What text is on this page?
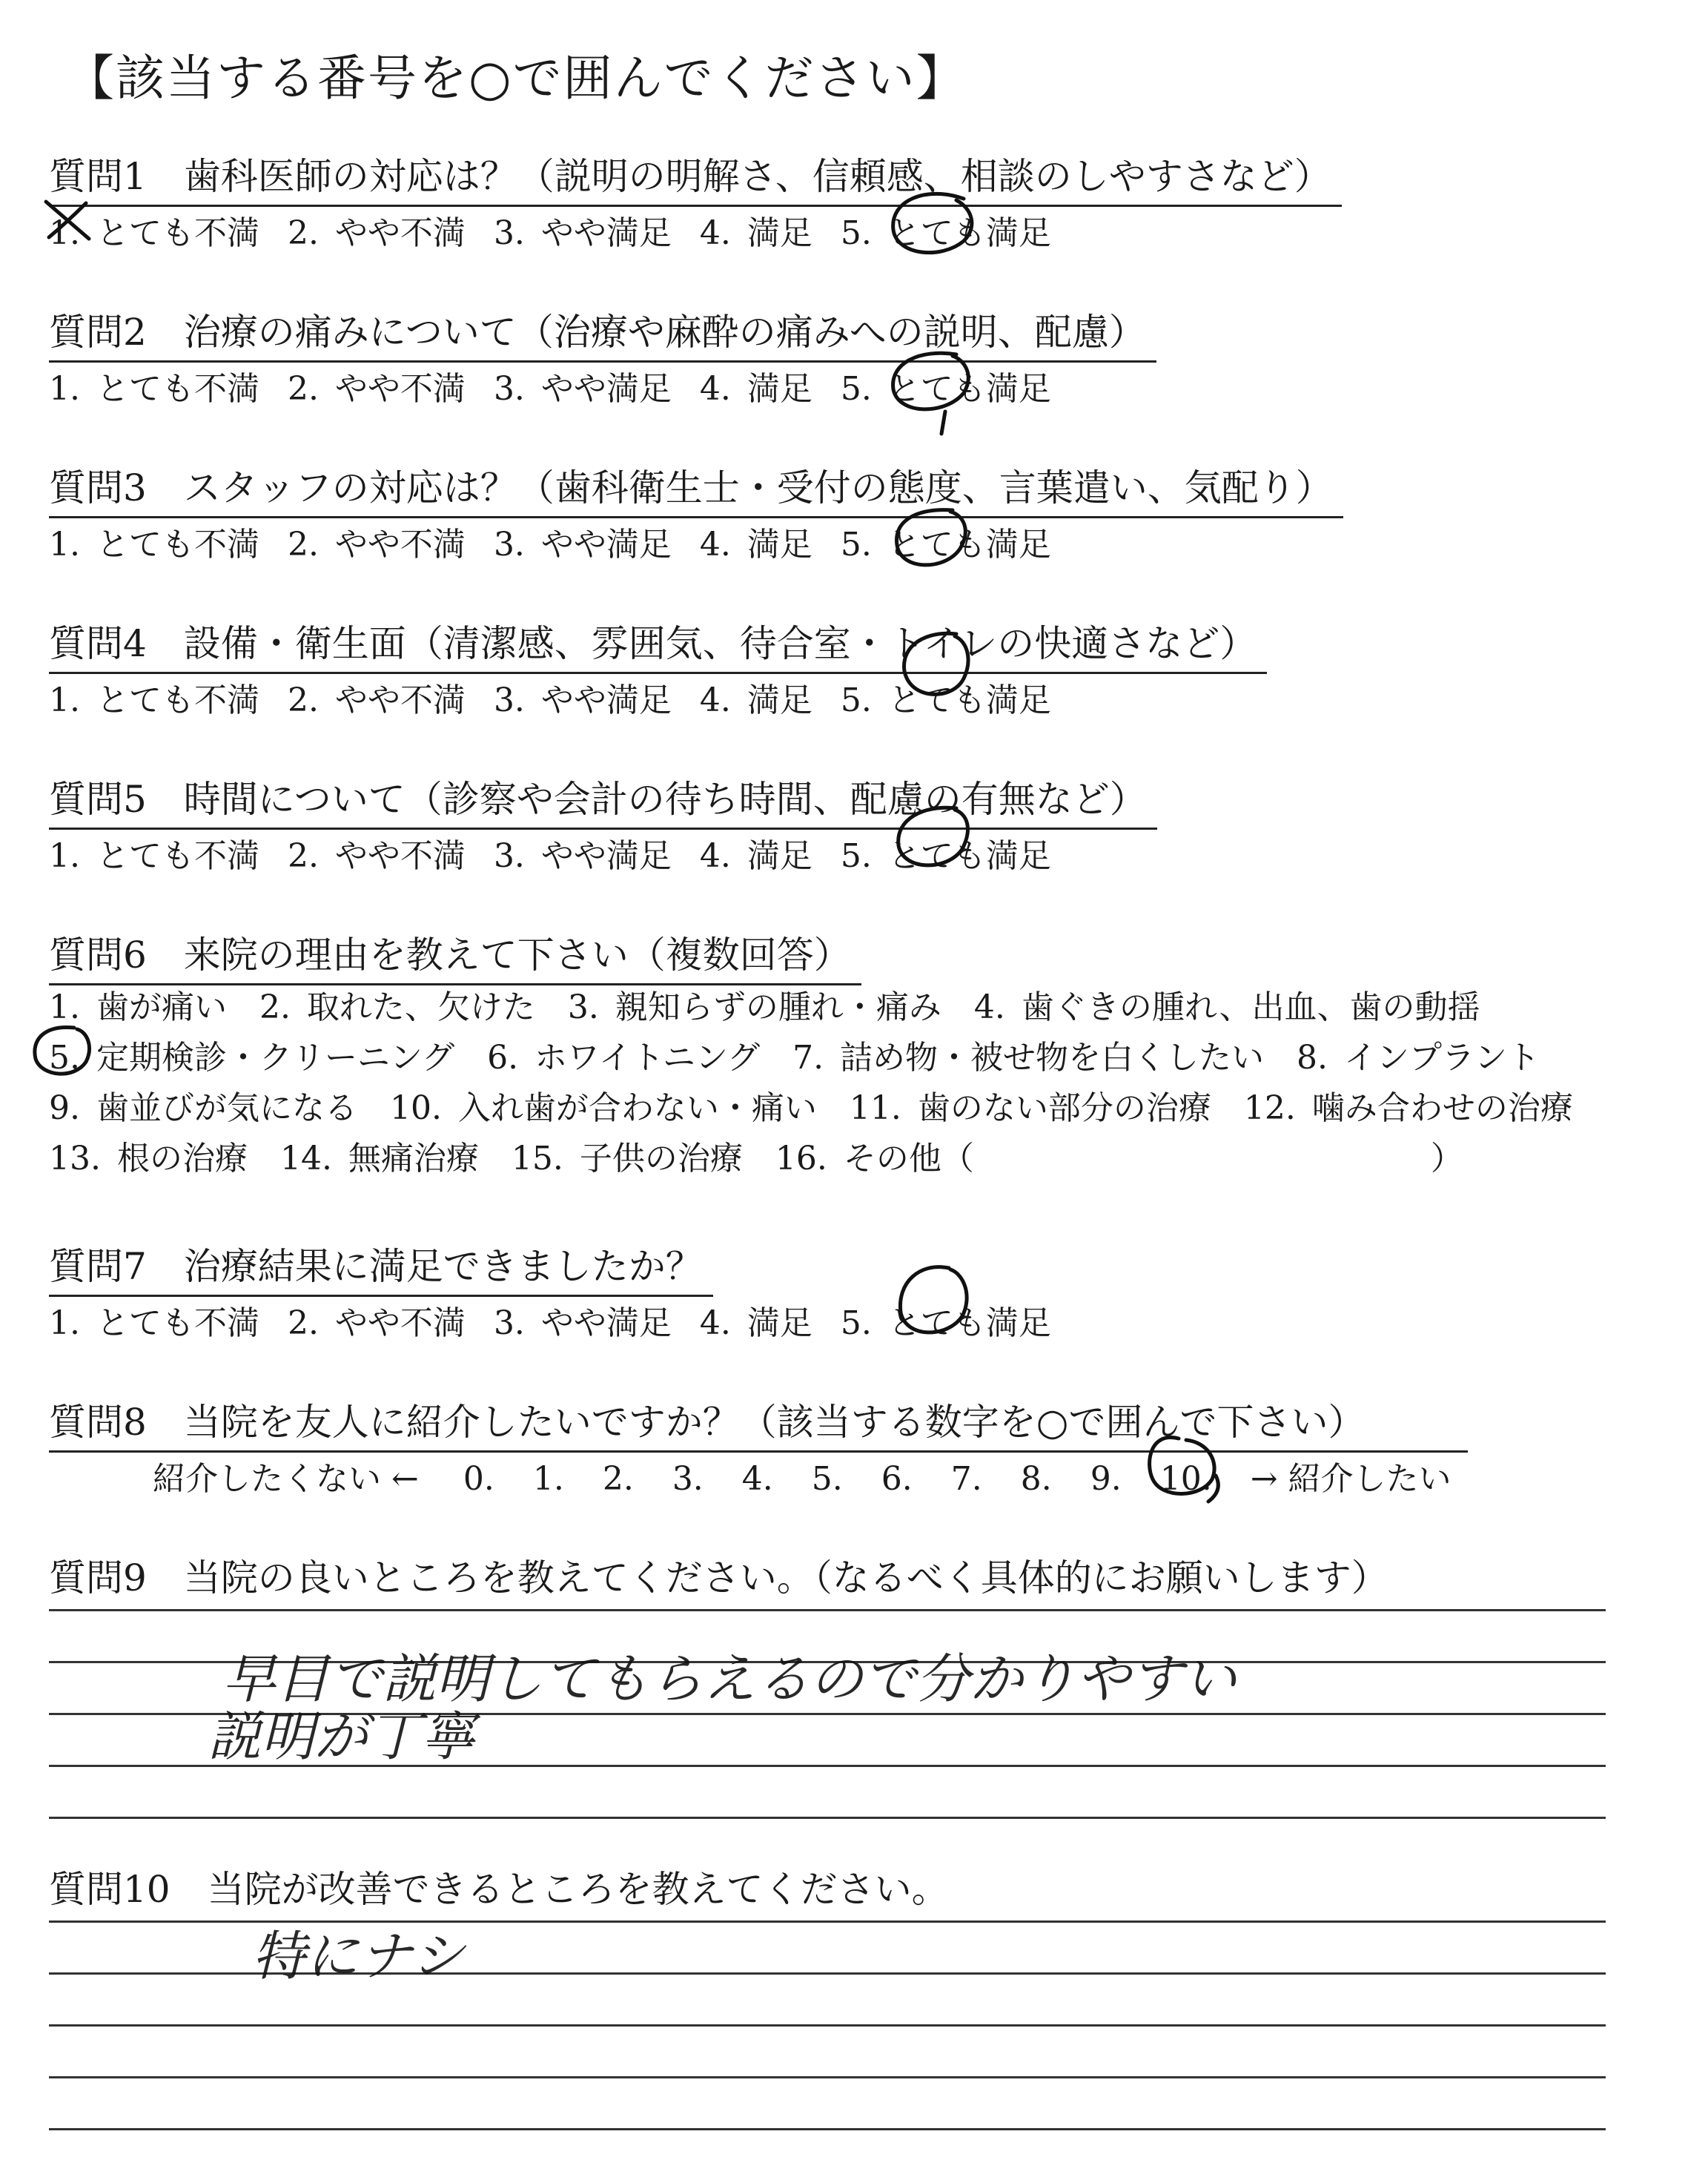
【該当する番号を○で囲んでください】
質問1　歯科医師の対応は？（説明の明解さ、信頼感、相談のしやすさなど）
1. とても不満 2. やや不満 3. やや満足 4. 満足 5. とても満足
質問2　治療の痛みについて（治療や麻酔の痛みへの説明、配慮）
1. とても不満 2. やや不満 3. やや満足 4. 満足 5. とても満足
質問3　スタッフの対応は？（歯科衛生士・受付の態度、言葉遣い、気配り）
1. とても不満 2. やや不満 3. やや満足 4. 満足 5. とても満足
質問4　設備・衛生面（清潔感、雰囲気、待合室・トイレの快適さなど）
1. とても不満 2. やや不満 3. やや満足 4. 満足 5. とても満足
質問5　時間について（診察や会計の待ち時間、配慮の有無など）
1. とても不満 2. やや不満 3. やや満足 4. 満足 5. とても満足
質問6　来院の理由を教えて下さい（複数回答）
1. 歯が痛い　2. 取れた、欠けた　3. 親知らずの腫れ・痛み　4. 歯ぐきの腫れ、出血、歯の動揺
5. 定期検診・クリーニング　6. ホワイトニング　7. 詰め物・被せ物を白くしたい　8. インプラント
9. 歯並びが気になる　10. 入れ歯が合わない・痛い　11. 歯のない部分の治療　12. 噛み合わせの治療
13. 根の治療　14. 無痛治療　15. 子供の治療　16. その他（　　　　　　　　　　　　　　）
質問7　治療結果に満足できましたか？
1. とても不満 2. やや不満 3. やや満足 4. 満足 5. とても満足
質問8　当院を友人に紹介したいですか？（該当する数字を○で囲んで下さい）
紹介したくない ← 0. 1. 2. 3. 4. 5. 6. 7. 8. 9. 10. → 紹介したい
質問9　当院の良いところを教えてください。（なるべく具体的にお願いします）
早目で説明してもらえるので分かりやすい
説明が丁寧
質問10　当院が改善できるところを教えてください。
特にナシ
